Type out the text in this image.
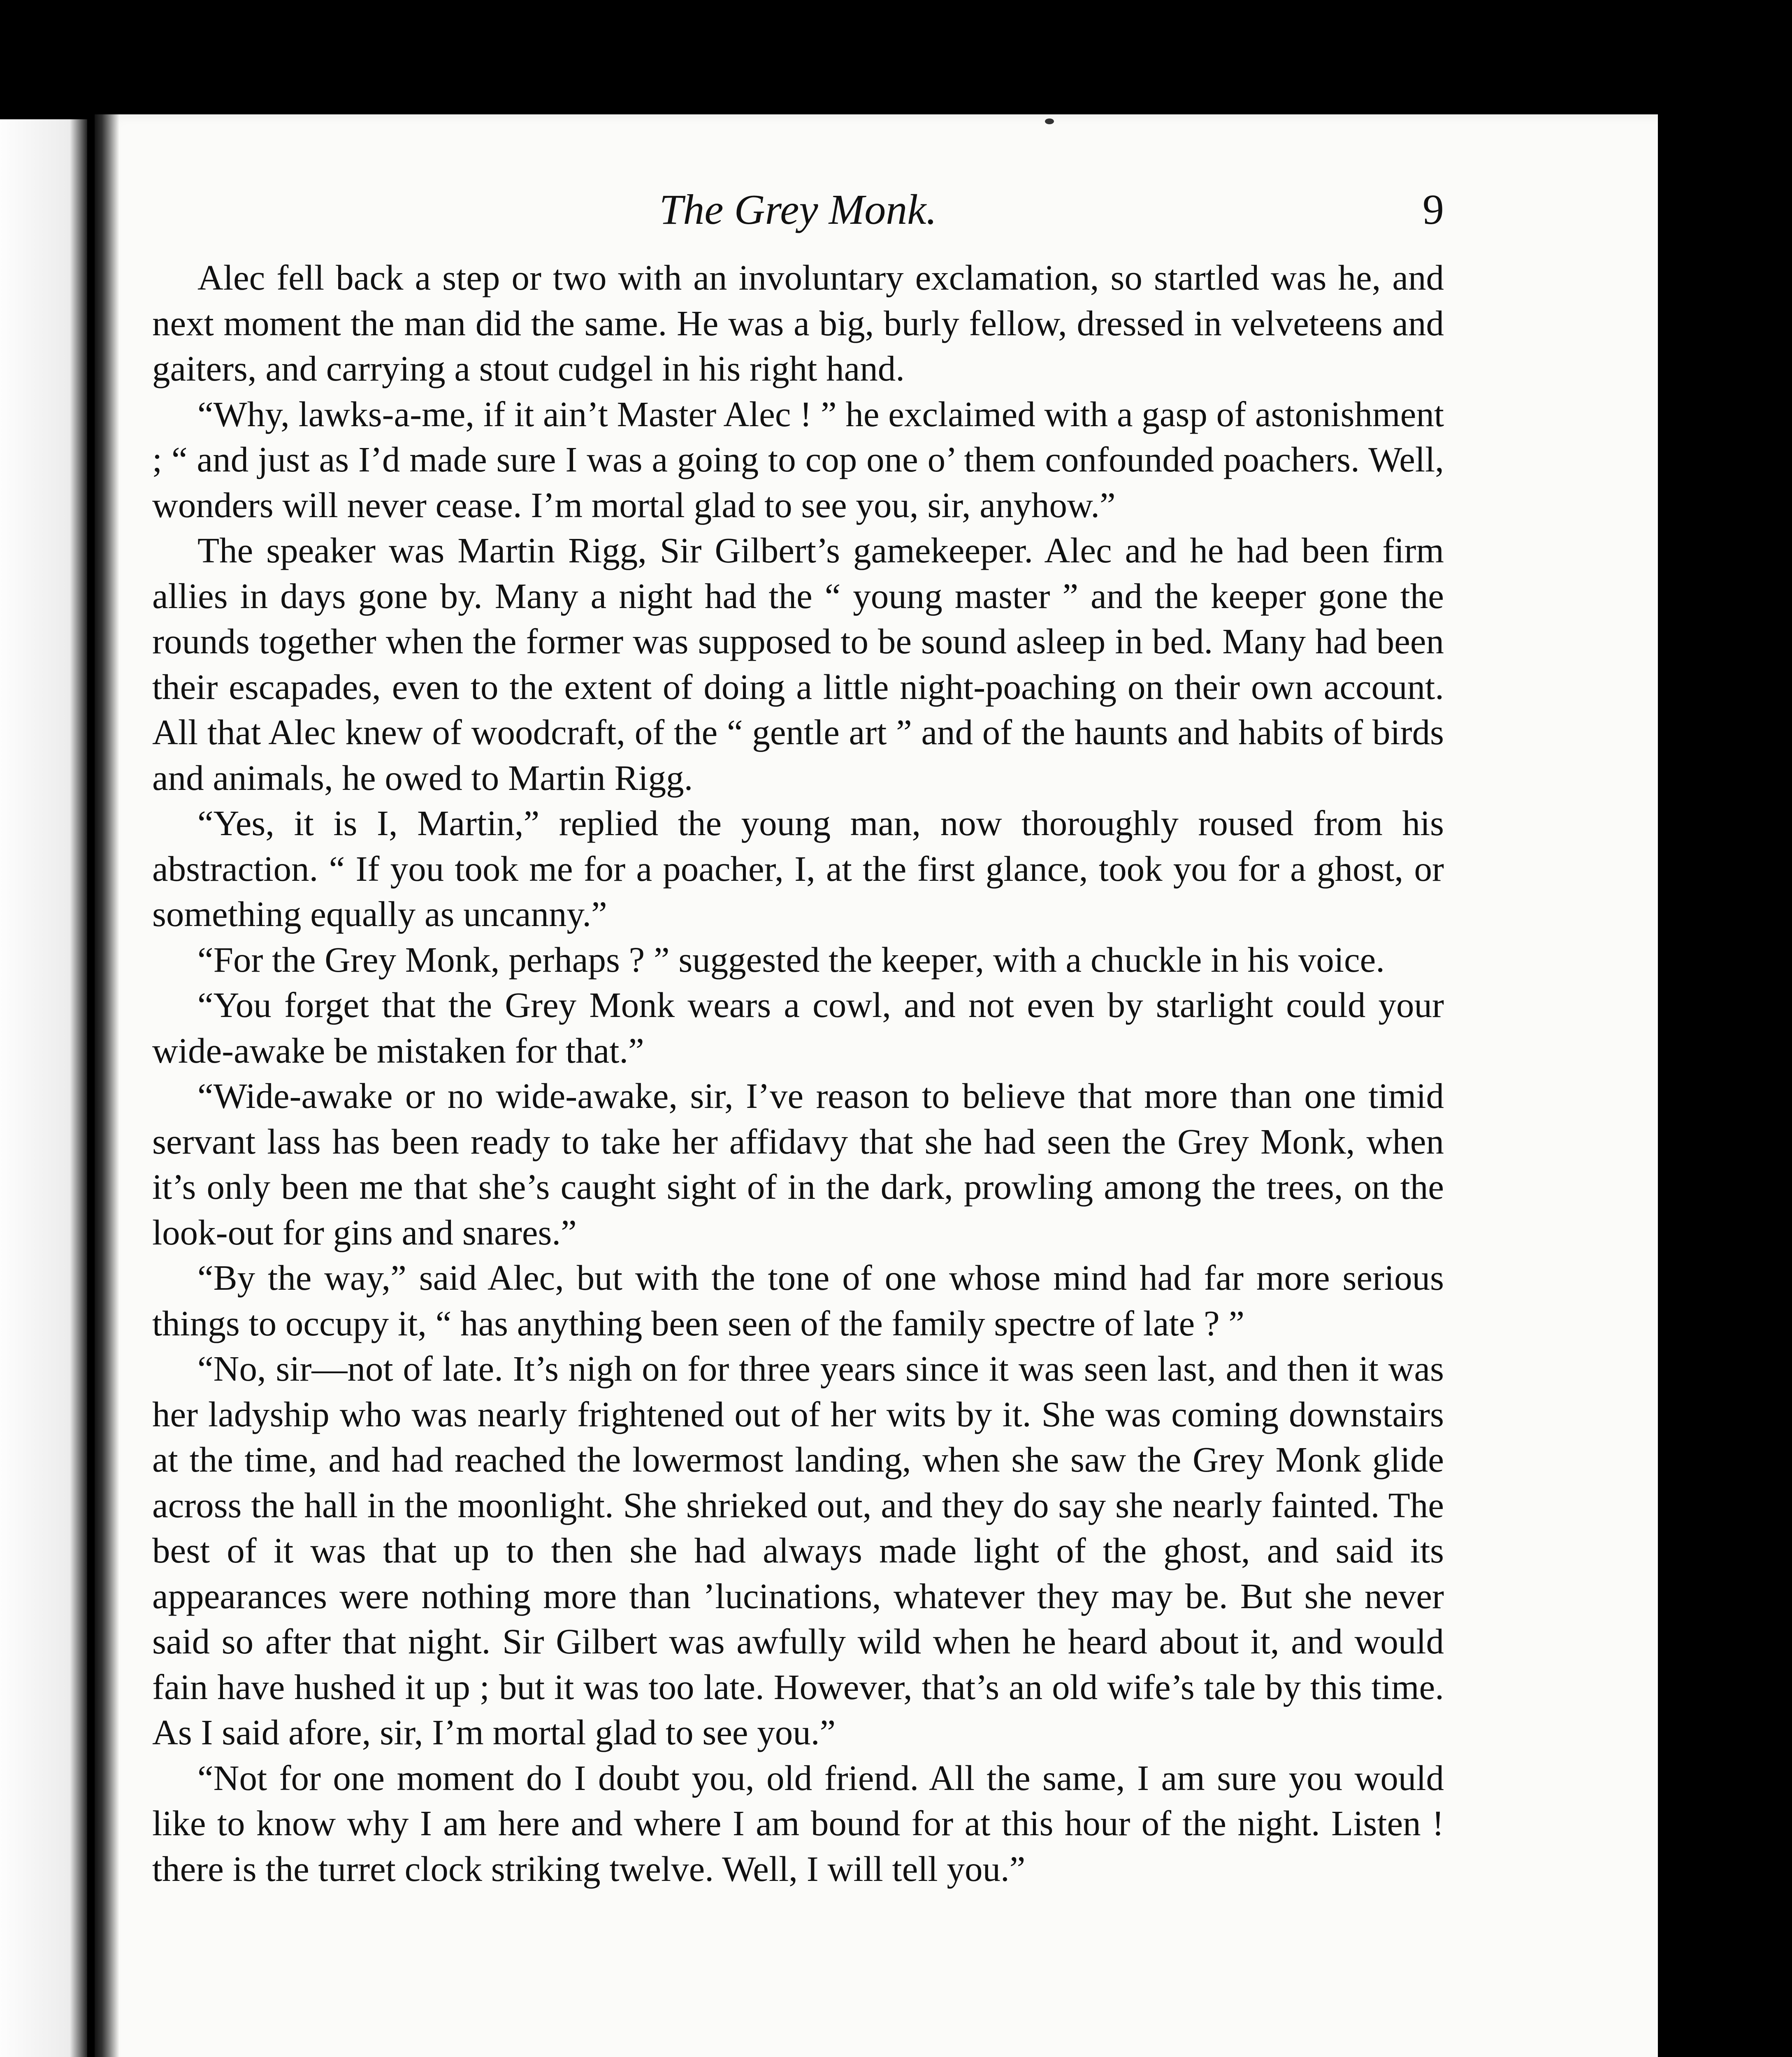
The Grey Monk.	9

Alec fell back a step or two with an involuntary exclamation, so startled was he, and next moment the man did the same. He was a big, burly fellow, dressed in velveteens and gaiters, and carrying a stout cudgel in his right hand.

“Why, lawks-a-me, if it ain’t Master Alec ! ” he exclaimed with a gasp of astonishment ; “ and just as I’d made sure I was a going to cop one o’ them confounded poachers. Well, wonders will never cease. I’m mortal glad to see you, sir, anyhow.”

The speaker was Martin Rigg, Sir Gilbert’s gamekeeper. Alec and he had been firm allies in days gone by. Many a night had the “ young master ” and the keeper gone the rounds together when the former was supposed to be sound asleep in bed. Many had been their escapades, even to the extent of doing a little night-poaching on their own account. All that Alec knew of woodcraft, of the “ gentle art ” and of the haunts and habits of birds and animals, he owed to Martin Rigg.

“Yes, it is I, Martin,” replied the young man, now thoroughly roused from his abstraction. “ If you took me for a poacher, I, at the first glance, took you for a ghost, or something equally as uncanny.”

“For the Grey Monk, perhaps ? ” suggested the keeper, with a chuckle in his voice.

“You forget that the Grey Monk wears a cowl, and not even by starlight could your wide-awake be mistaken for that.”

“Wide-awake or no wide-awake, sir, I’ve reason to believe that more than one timid servant lass has been ready to take her affidavy that she had seen the Grey Monk, when it’s only been me that she’s caught sight of in the dark, prowling among the trees, on the look-out for gins and snares.”

“By the way,” said Alec, but with the tone of one whose mind had far more serious things to occupy it, “ has anything been seen of the family spectre of late ? ”

“No, sir—not of late. It’s nigh on for three years since it was seen last, and then it was her ladyship who was nearly frightened out of her wits by it. She was coming downstairs at the time, and had reached the lowermost landing, when she saw the Grey Monk glide across the hall in the moonlight. She shrieked out, and they do say she nearly fainted. The best of it was that up to then she had always made light of the ghost, and said its appearances were nothing more than ’lucinations, whatever they may be. But she never said so after that night. Sir Gilbert was awfully wild when he heard about it, and would fain have hushed it up ; but it was too late. However, that’s an old wife’s tale by this time. As I said afore, sir, I’m mortal glad to see you.”

“Not for one moment do I doubt you, old friend. All the same, I am sure you would like to know why I am here and where I am bound for at this hour of the night. Listen ! there is the turret clock striking twelve. Well, I will tell you.”
